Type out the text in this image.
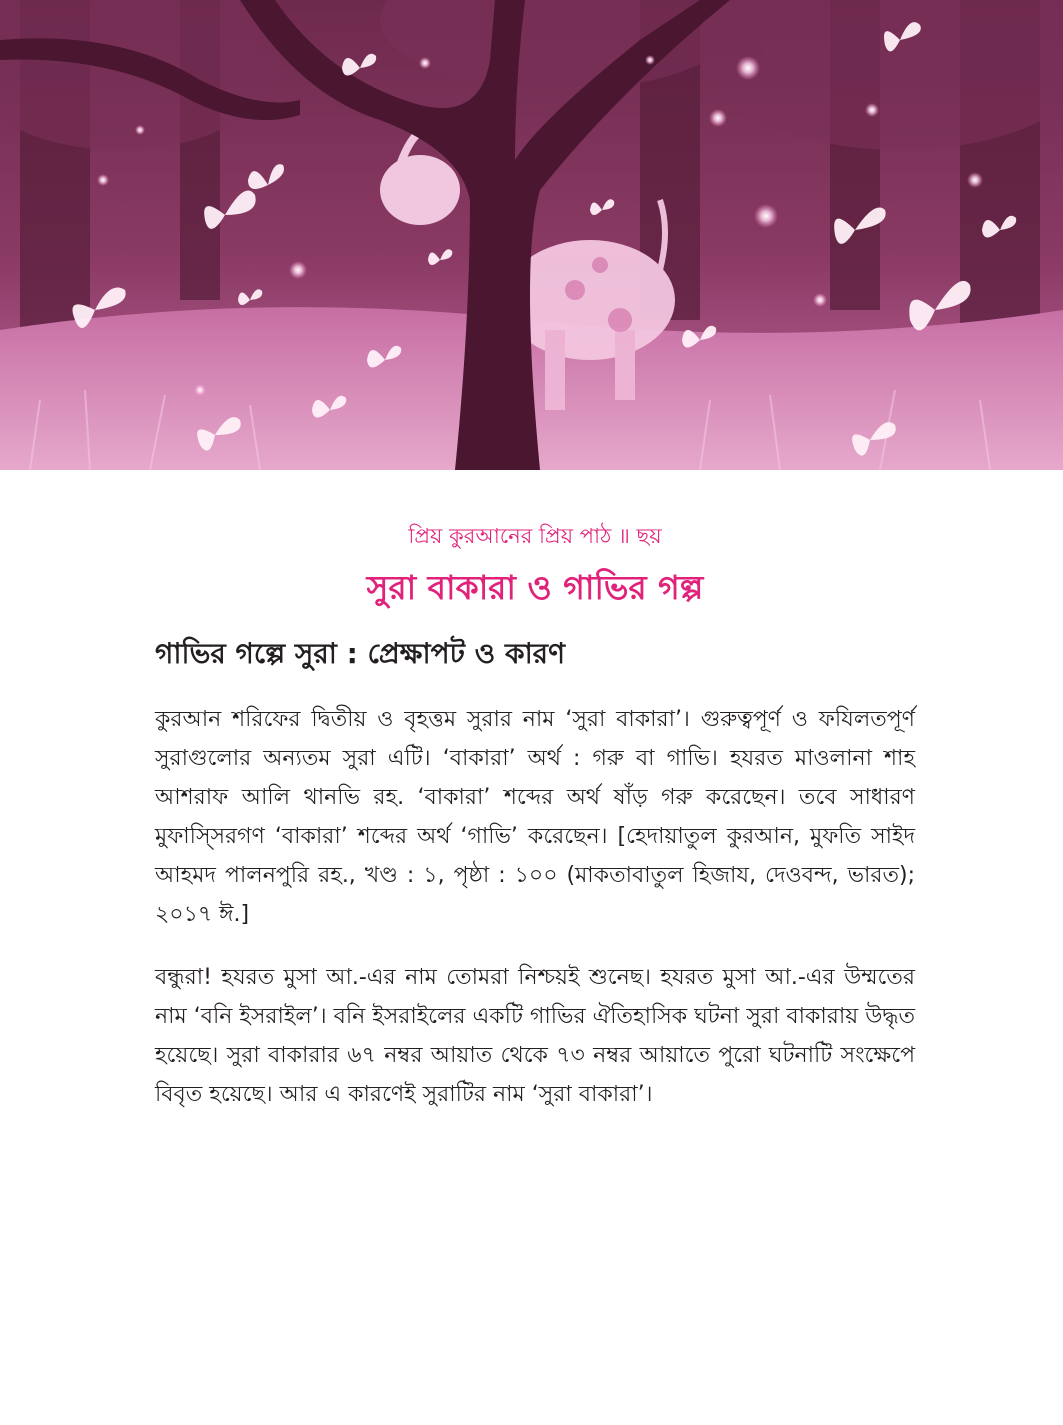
প্রিয় কুরআনের প্রিয় পাঠ ॥ ছয়

সুরা বাকারা ও গাভির গল্প
গাভির গল্পে সুরা : প্রেক্ষাপট ও কারণ

কুরআন শরিফের দ্বিতীয় ও বৃহত্তম সুরার নাম ‘সুরা বাকারা’। গুরুত্বপূর্ণ ও ফযিলতপূর্ণ সুরাগুলোর অন্যতম সুরা এটি। ‘বাকারা’ অর্থ : গরু বা গাভি। হযরত মাওলানা শাহ আশরাফ আলি থানভি রহ. ‘বাকারা’ শব্দের অর্থ ষাঁড় গরু করেছেন। তবে সাধারণ মুফাস্সিরগণ ‘বাকারা’ শব্দের অর্থ ‘গাভি’ করেছেন। [হেদায়াতুল কুরআন, মুফতি সাইদ আহমদ পালনপুরি রহ., খণ্ড : ১, পৃষ্ঠা : ১০০ (মাকতাবাতুল হিজায, দেওবন্দ, ভারত); ২০১৭ ঈ.]

বন্ধুরা! হযরত মুসা আ.-এর নাম তোমরা নিশ্চয়ই শুনেছ। হযরত মুসা আ.-এর উম্মতের নাম ‘বনি ইসরাইল’। বনি ইসরাইলের একটি গাভির ঐতিহাসিক ঘটনা সুরা বাকারায় উদ্ধৃত হয়েছে। সুরা বাকারার ৬৭ নম্বর আয়াত থেকে ৭৩ নম্বর আয়াতে পুরো ঘটনাটি সংক্ষেপে বিবৃত হয়েছে। আর এ কারণেই সুরাটির নাম ‘সুরা বাকারা’।
